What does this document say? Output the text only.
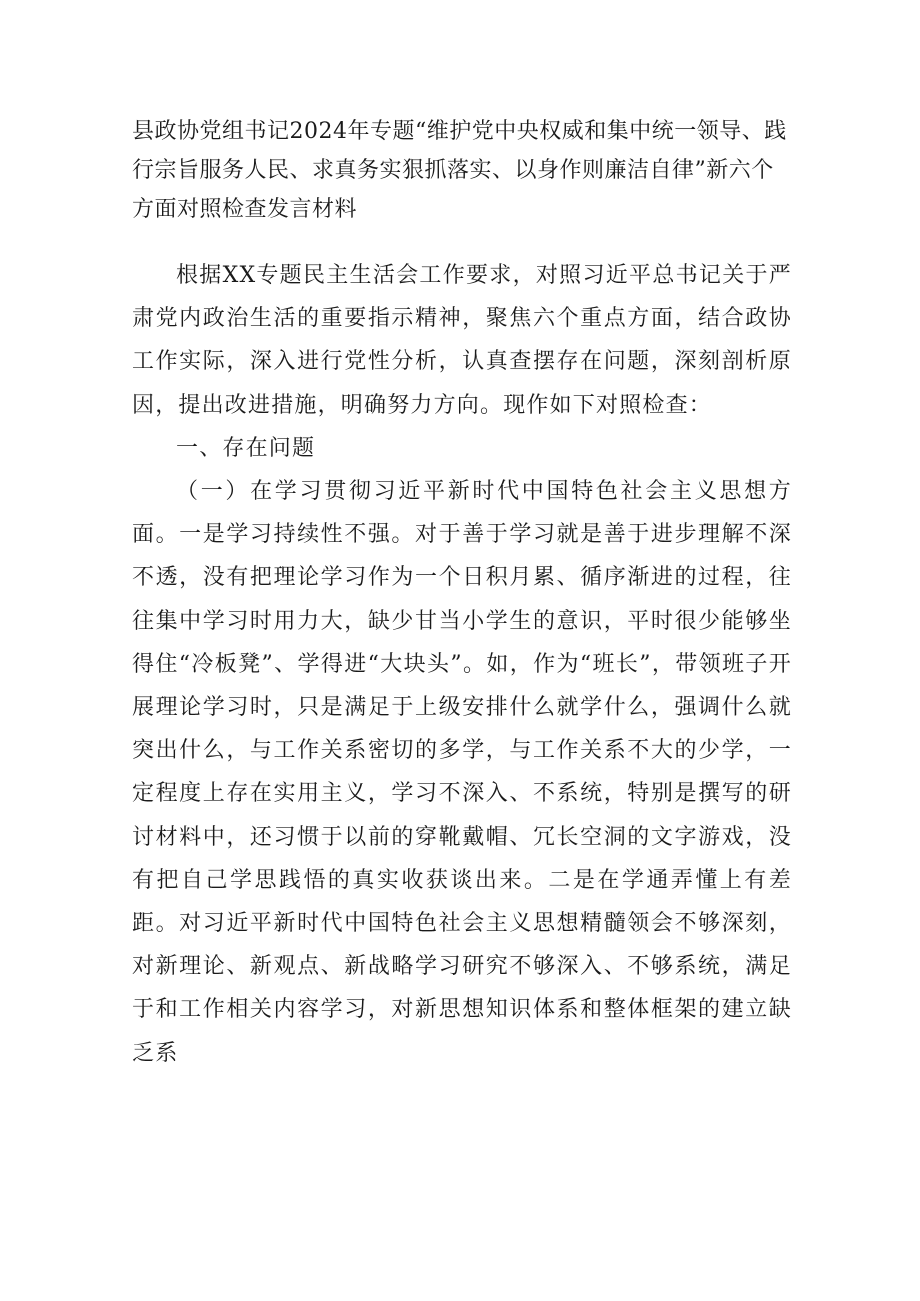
县政协党组书记2024年专题“维护党中央权威和集中统一领导、践行宗旨服务人民、求真务实狠抓落实、以身作则廉洁自律”新六个方面对照检查发言材料

根据XX专题民主生活会工作要求，对照习近平总书记关于严肃党内政治生活的重要指示精神，聚焦六个重点方面，结合政协工作实际，深入进行党性分析，认真查摆存在问题，深刻剖析原因，提出改进措施，明确努力方向。现作如下对照检查：

一、存在问题

（一）在学习贯彻习近平新时代中国特色社会主义思想方面。一是学习持续性不强。对于善于学习就是善于进步理解不深不透，没有把理论学习作为一个日积月累、循序渐进的过程，往往集中学习时用力大，缺少甘当小学生的意识，平时很少能够坐得住“冷板凳”、学得进“大块头”。如，作为“班长”，带领班子开展理论学习时，只是满足于上级安排什么就学什么，强调什么就突出什么，与工作关系密切的多学，与工作关系不大的少学，一定程度上存在实用主义，学习不深入、不系统，特别是撰写的研讨材料中，还习惯于以前的穿靴戴帽、冗长空洞的文字游戏，没有把自己学思践悟的真实收获谈出来。二是在学通弄懂上有差距。对习近平新时代中国特色社会主义思想精髓领会不够深刻，对新理论、新观点、新战略学习研究不够深入、不够系统，满足于和工作相关内容学习，对新思想知识体系和整体框架的建立缺乏系
